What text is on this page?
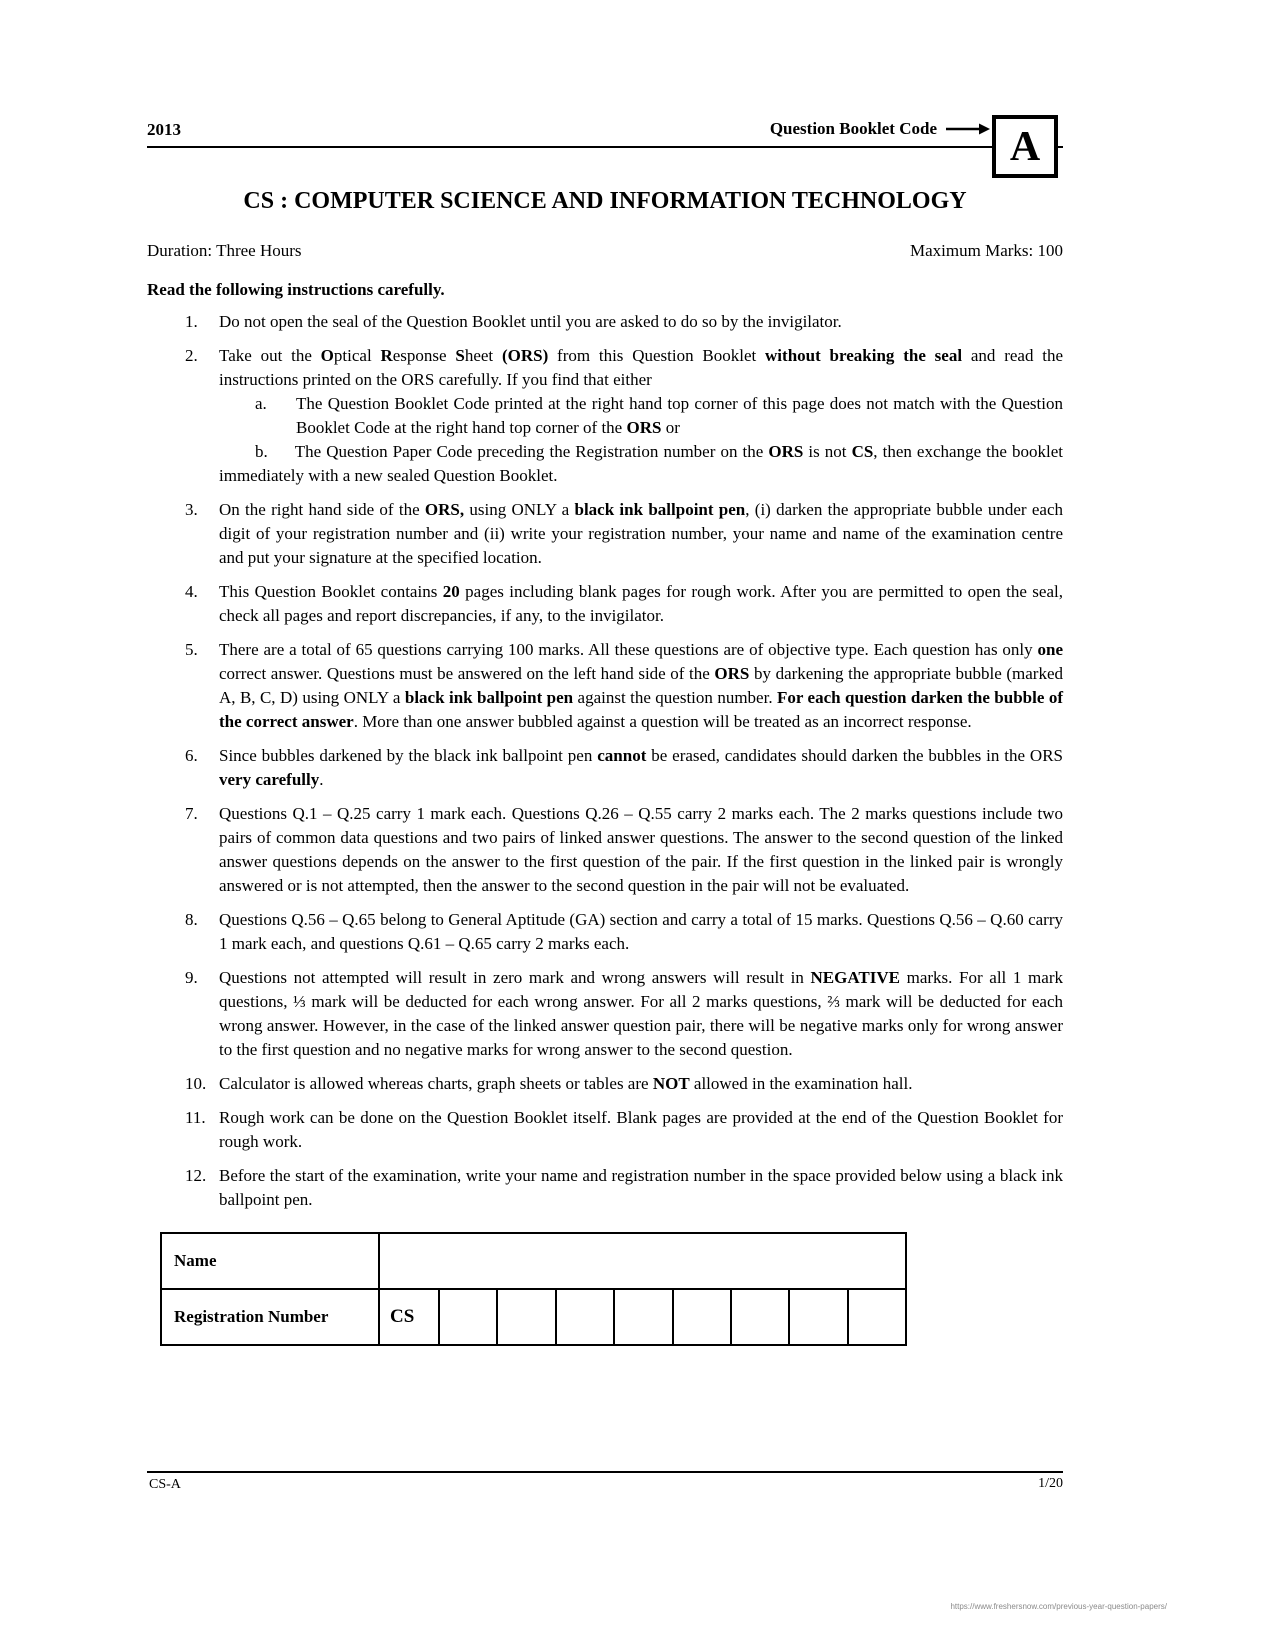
2013	Question Booklet Code A
CS : COMPUTER SCIENCE AND INFORMATION TECHNOLOGY
Duration: Three Hours	Maximum Marks: 100
Read the following instructions carefully.
1.	Do not open the seal of the Question Booklet until you are asked to do so by the invigilator.
2.	Take out the Optical Response Sheet (ORS) from this Question Booklet without breaking the seal and read the instructions printed on the ORS carefully. If you find that either
a. The Question Booklet Code printed at the right hand top corner of this page does not match with the Question Booklet Code at the right hand top corner of the ORS or
b. The Question Paper Code preceding the Registration number on the ORS is not CS, then exchange the booklet immediately with a new sealed Question Booklet.
3.	On the right hand side of the ORS, using ONLY a black ink ballpoint pen, (i) darken the appropriate bubble under each digit of your registration number and (ii) write your registration number, your name and name of the examination centre and put your signature at the specified location.
4.	This Question Booklet contains 20 pages including blank pages for rough work. After you are permitted to open the seal, check all pages and report discrepancies, if any, to the invigilator.
5.	There are a total of 65 questions carrying 100 marks. All these questions are of objective type. Each question has only one correct answer. Questions must be answered on the left hand side of the ORS by darkening the appropriate bubble (marked A, B, C, D) using ONLY a black ink ballpoint pen against the question number. For each question darken the bubble of the correct answer. More than one answer bubbled against a question will be treated as an incorrect response.
6.	Since bubbles darkened by the black ink ballpoint pen cannot be erased, candidates should darken the bubbles in the ORS very carefully.
7.	Questions Q.1 – Q.25 carry 1 mark each. Questions Q.26 – Q.55 carry 2 marks each. The 2 marks questions include two pairs of common data questions and two pairs of linked answer questions. The answer to the second question of the linked answer questions depends on the answer to the first question of the pair. If the first question in the linked pair is wrongly answered or is not attempted, then the answer to the second question in the pair will not be evaluated.
8.	Questions Q.56 – Q.65 belong to General Aptitude (GA) section and carry a total of 15 marks. Questions Q.56 – Q.60 carry 1 mark each, and questions Q.61 – Q.65 carry 2 marks each.
9.	Questions not attempted will result in zero mark and wrong answers will result in NEGATIVE marks. For all 1 mark questions, ⅓ mark will be deducted for each wrong answer. For all 2 marks questions, ⅔ mark will be deducted for each wrong answer. However, in the case of the linked answer question pair, there will be negative marks only for wrong answer to the first question and no negative marks for wrong answer to the second question.
10. Calculator is allowed whereas charts, graph sheets or tables are NOT allowed in the examination hall.
11. Rough work can be done on the Question Booklet itself. Blank pages are provided at the end of the Question Booklet for rough work.
12. Before the start of the examination, write your name and registration number in the space provided below using a black ink ballpoint pen.
Name									
Registration Number	CS								
CS-A	1/20
https://www.freshersnow.com/previous-year-question-papers/
